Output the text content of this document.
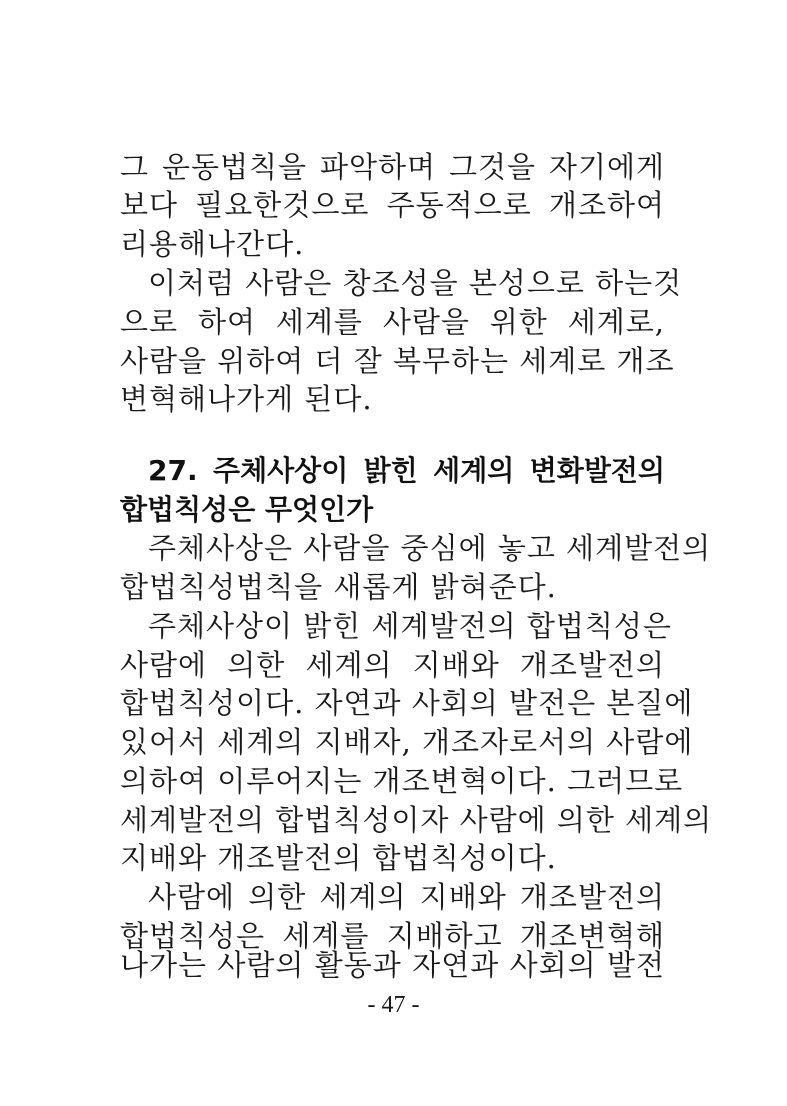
그 운동법칙을 파악하며 그것을 자기에게
보다 필요한것으로 주동적으로 개조하여
리용해나간다.
이처럼 사람은 창조성을 본성으로 하는것
으로 하여 세계를 사람을 위한 세계로,
사람을 위하여 더 잘 복무하는 세계로 개조
변혁해나가게 된다.
27. 주체사상이 밝힌 세계의 변화발전의
합법칙성은 무엇인가
주체사상은 사람을 중심에 놓고 세계발전의
합법칙성법칙을 새롭게 밝혀준다.
주체사상이 밝힌 세계발전의 합법칙성은
사람에 의한 세계의 지배와 개조발전의
합법칙성이다. 자연과 사회의 발전은 본질에
있어서 세계의 지배자, 개조자로서의 사람에
의하여 이루어지는 개조변혁이다. 그러므로
세계발전의 합법칙성이자 사람에 의한 세계의
지배와 개조발전의 합법칙성이다.
사람에 의한 세계의 지배와 개조발전의
합법칙성은 세계를 지배하고 개조변혁해
나가는 사람의 활동과 자연과 사회의 발전
- 47 -
